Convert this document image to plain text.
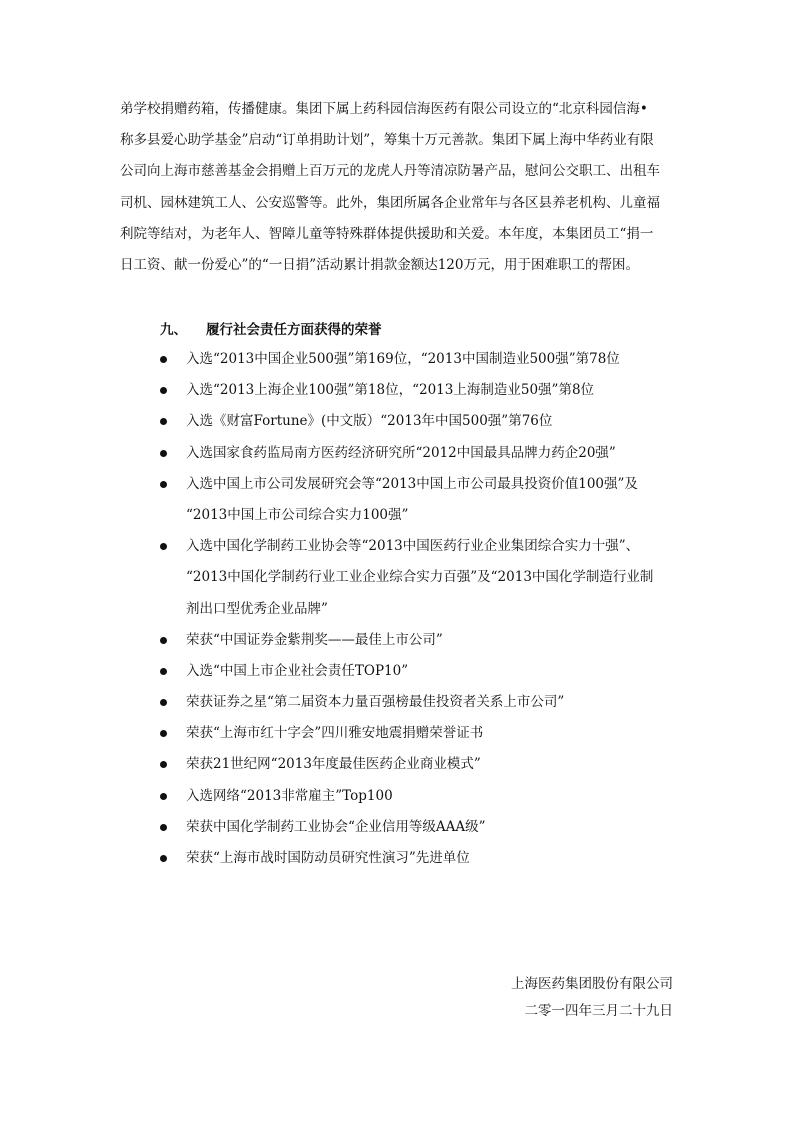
弟学校捐赠药箱，传播健康。集团下属上药科园信海医药有限公司设立的“北京科园信海•
称多县爱心助学基金”启动“订单捐助计划”，筹集十万元善款。集团下属上海中华药业有限
公司向上海市慈善基金会捐赠上百万元的龙虎人丹等清凉防暑产品，慰问公交职工、出租车
司机、园林建筑工人、公安巡警等。此外，集团所属各企业常年与各区县养老机构、儿童福
利院等结对，为老年人、智障儿童等特殊群体提供援助和关爱。本年度，本集团员工“捐一
日工资、献一份爱心”的“一日捐”活动累计捐款金额达120万元，用于困难职工的帮困。
九、 履行社会责任方面获得的荣誉
入选“2013中国企业500强”第169位，“2013中国制造业500强”第78位
入选“2013上海企业100强”第18位，“2013上海制造业50强”第8位
入选《财富Fortune》(中文版）“2013年中国500强”第76位
入选国家食药监局南方医药经济研究所“2012中国最具品牌力药企20强”
入选中国上市公司发展研究会等“2013中国上市公司最具投资价值100强”及
“2013中国上市公司综合实力100强”
入选中国化学制药工业协会等“2013中国医药行业企业集团综合实力十强”、
“2013中国化学制药行业工业企业综合实力百强”及“2013中国化学制造行业制
剂出口型优秀企业品牌”
荣获“中国证券金紫荆奖——最佳上市公司”
入选“中国上市企业社会责任TOP10”
荣获证券之星“第二届资本力量百强榜最佳投资者关系上市公司”
荣获“上海市红十字会”四川雅安地震捐赠荣誉证书
荣获21世纪网“2013年度最佳医药企业商业模式”
入选网络“2013非常雇主”Top100
荣获中国化学制药工业协会“企业信用等级AAA级”
荣获“上海市战时国防动员研究性演习”先进单位
上海医药集团股份有限公司
二零一四年三月二十九日
